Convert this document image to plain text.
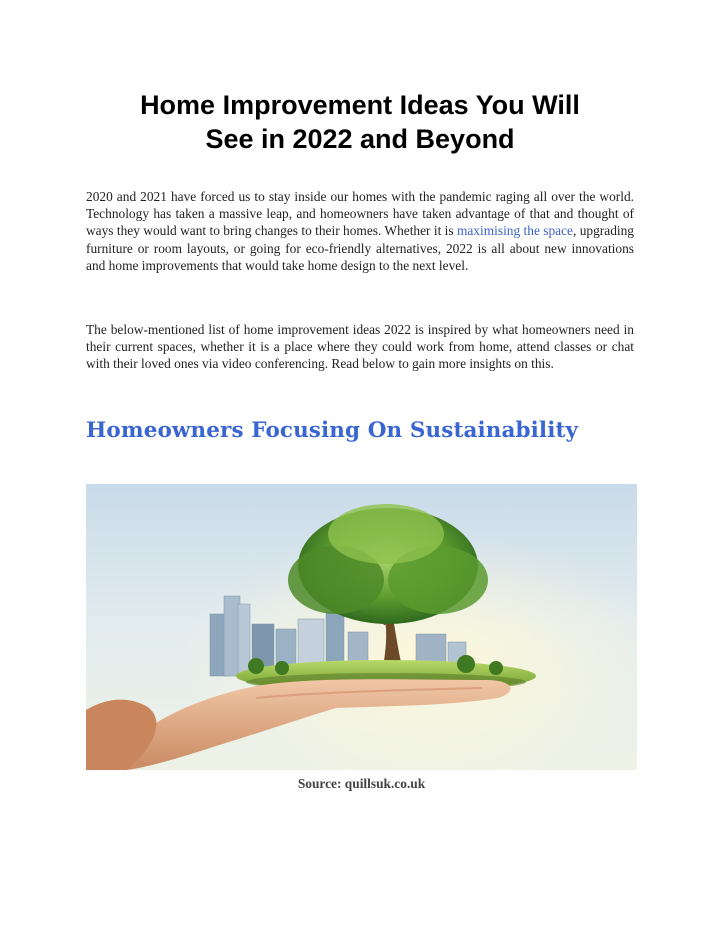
Home Improvement Ideas You Will
See in 2022 and Beyond

2020 and 2021 have forced us to stay inside our homes with the pandemic raging all over the world. Technology has taken a massive leap, and homeowners have taken advantage of that and thought of ways they would want to bring changes to their homes. Whether it is maximising the space, upgrading furniture or room layouts, or going for eco-friendly alternatives, 2022 is all about new innovations and home improvements that would take home design to the next level.

The below-mentioned list of home improvement ideas 2022 is inspired by what homeowners need in their current spaces, whether it is a place where they could work from home, attend classes or chat with their loved ones via video conferencing. Read below to gain more insights on this.

Homeowners Focusing On Sustainability

Source: quillsuk.co.uk
